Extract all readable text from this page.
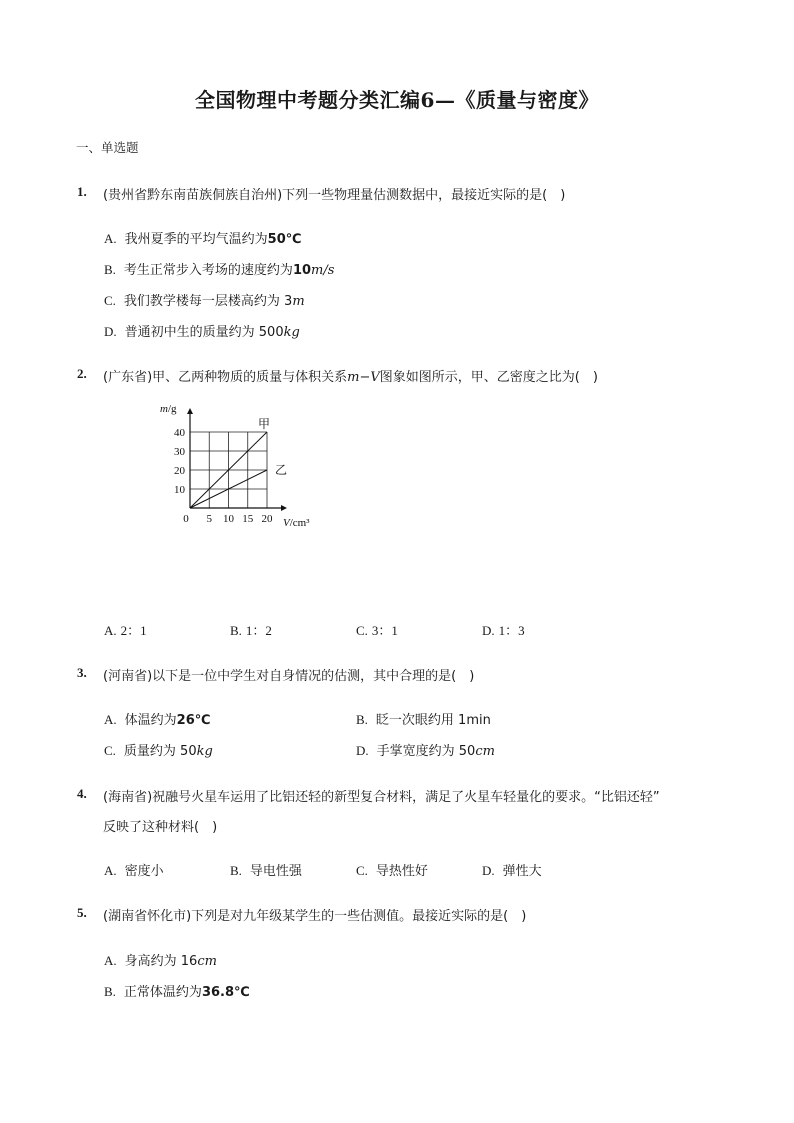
全国物理中考题分类汇编6—《质量与密度》
一、单选题
1. (贵州省黔东南苗族侗族自治州)下列一些物理量估测数据中，最接近实际的是(　)
A. 我州夏季的平均气温约为50℃
B. 考生正常步入考场的速度约为10m/s
C. 我们教学楼每一层楼高约为 3m
D. 普通初中生的质量约为 500kg
2. (广东省)甲、乙两种物质的质量与体积关系m−V图象如图所示，甲、乙密度之比为(　)
甲
乙
5 10 15 20
10
20
30
40
m/g
V/cm³
0
A. 2：1	B. 1：2	C. 3：1	D. 1：3
3. (河南省)以下是一位中学生对自身情况的估测，其中合理的是(　)
A. 体温约为26℃	B. 眨一次眼约用 1min
C. 质量约为 50kg	D. 手掌宽度约为 50cm
4. (海南省)祝融号火星车运用了比铝还轻的新型复合材料，满足了火星车轻量化的要求。“比铝还轻”
反映了这种材料(　)
A. 密度小	B. 导电性强	C. 导热性好	D. 弹性大
5. (湖南省怀化市)下列是对九年级某学生的一些估测值。最接近实际的是(　)
A. 身高约为 16cm
B. 正常体温约为36.8℃
